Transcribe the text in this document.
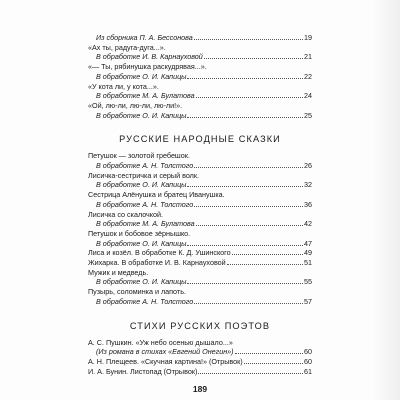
Из сборника П. А. Бессонова	19
«Ах ты, радуга-дуга...».
В обработке И. В. Карнауховой	21
«— Ты, рябинушка раскудрявая...».
В обработке О. И. Капицы	22
«У кота ли, у кота...».
В обработке М. А. Булатова	24
«Ой, лю-ли, лю-ли, лю-ли!».
В обработке О. И. Капицы	25
РУССКИЕ НАРОДНЫЕ СКАЗКИ
Петушок — золотой гребешок.
В обработке А. Н. Толстого	26
Лисичка-сестричка и серый волк.
В обработке О. И. Капицы	32
Сестрица Алёнушка и братец Иванушка.
В обработке А. Н. Толстого	36
Лисичка со скалочкой.
В обработке М. А. Булатова	42
Петушок и бобовое зёрнышко.
В обработке О. И. Капицы	47
Лиса и козёл. В обработке К. Д. Ушинского	49
Жихарка. В обработке И. В. Карнауховой	51
Мужик и медведь.
В обработке О. И. Капицы	55
Пузырь, соломинка и лапоть.
В обработке А. Н. Толстого	57
СТИХИ РУССКИХ ПОЭТОВ
А. С. Пушкин. «Уж небо осенью дышало...»
(Из романа в стихах «Евгений Онегин»)	60
А. Н. Плещеев. «Скучная картина!» (Отрывок)	60
И. А. Бунин. Листопад (Отрывок)	61
189
